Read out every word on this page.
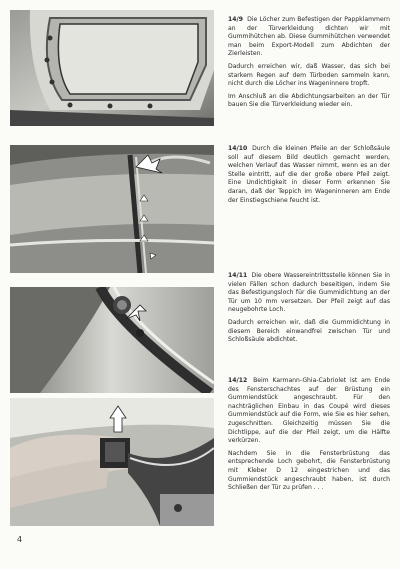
14/9 Die Löcher zum Befestigen der Pappklammern an der Türverkleidung dichten wir mit Gummihütchen ab. Diese Gummihütchen verwendet man beim Export-Modell zum Abdichten der Zierleisten.

Dadurch erreichen wir, daß Wasser, das sich bei starkem Regen auf dem Türboden sammeln kann, nicht durch die Löcher ins Wageninnere tropft.

Im Anschluß an die Abdichtungsarbeiten an der Tür bauen Sie die Türverkleidung wieder ein.

14/10 Durch die kleinen Pfeile an der Schloßsäule soll auf diesem Bild deutlich gemacht werden, welchen Verlauf das Wasser nimmt, wenn es an der Stelle eintritt, auf die der große obere Pfeil zeigt. Eine Undichtigkeit in dieser Form erkennen Sie daran, daß der Teppich im Wageninneren am Ende der Einstiegschiene feucht ist.

14/11 Die obere Wassereintrittsstelle können Sie in vielen Fällen schon dadurch beseitigen, indem Sie das Befestigungsloch für die Gummidichtung an der Tür um 10 mm versetzen. Der Pfeil zeigt auf das neugebohrte Loch.

Dadurch erreichen wir, daß die Gummidichtung in diesem Bereich einwandfrei zwischen Tür und Schloßsäule abdichtet.

14/12 Beim Karmann-Ghia-Cabriolet ist am Ende des Fensterschachtes auf der Brüstung ein Gummiendstück angeschraubt. Für den nachträglichen Einbau in das Coupé wird dieses Gummiendstück auf die Form, wie Sie es hier sehen, zugeschnitten. Gleichzeitig müssen Sie die Dichtlippe, auf die der Pfeil zeigt, um die Hälfte verkürzen.

Nachdem Sie in die Fensterbrüstung das entsprechende Loch gebohrt, die Fensterbrüstung mit Kleber D 12 eingestrichen und das Gummiendstück angeschraubt haben, ist durch Schließen der Tür zu prüfen . . .

4
